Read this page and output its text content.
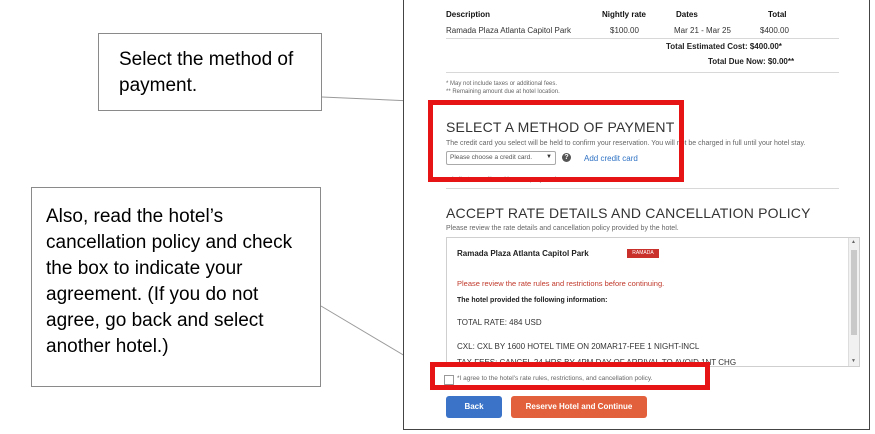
Select the method of payment.
Also, read the hotel’s cancellation policy and check the box to indicate your agreement. (If you do not agree, go back and select another hotel.)
Description	Nightly rate	Dates	Total
Ramada Plaza Atlanta Capitol Park	$100.00	Mar 21 - Mar 25	$400.00
Total Estimated Cost: $400.00*
Total Due Now: $0.00**
* May not include taxes or additional fees.
** Remaining amount due at hotel location.
SELECT A METHOD OF PAYMENT
The credit card you select will be held to confirm your reservation. You will not be charged in full until your hotel stay.
Please choose a credit card. ▼	? Add credit card
Indicates credit card is a company card
ACCEPT RATE DETAILS AND CANCELLATION POLICY
Please review the rate details and cancellation policy provided by the hotel.
Ramada Plaza Atlanta Capitol Park	RAMADA
Please review the rate rules and restrictions before continuing.
The hotel provided the following information:
TOTAL RATE: 484 USD
CXL: CXL BY 1600 HOTEL TIME ON 20MAR17-FEE 1 NIGHT-INCL
TAX FEES: CANCEL 24 HRS BY 4PM DAY OF ARRIVAL TO AVOID 1NT CHG
▲
▼
*I agree to the hotel's rate rules, restrictions, and cancellation policy.
Back	Reserve Hotel and Continue
